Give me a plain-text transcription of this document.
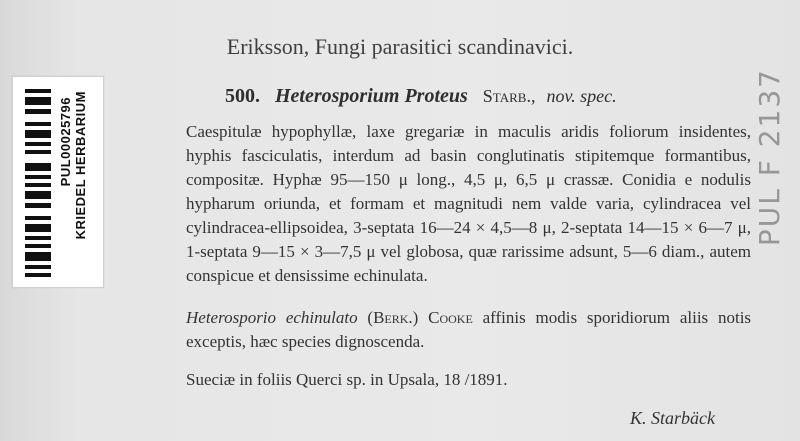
KRIEDEL HERBARIUM
PUL00025796	PUL F 2137
Eriksson, Fungi parasitici scandinavici.
500. Heterosporium Proteus Starb., nov. spec.
Caespitulæ hypophyllæ, laxe gregariæ in maculis aridis foliorum insidentes, hyphis fasciculatis, interdum ad basin conglutinatis stipitemque formantibus, compositæ. Hyphæ 95—150 μ long., 4,5 μ, 6,5 μ crassæ. Conidia e nodulis hypharum oriunda, et formam et magnitudi nem valde varia, cylindracea vel cylindracea-ellipsoidea, 3-septata 16—24 × 4,5—8 μ, 2-septata 14—15 × 6—7 μ, 1-septata 9—15 × 3—7,5 μ vel globosa, quæ rarissime adsunt, 5—6 diam., autem conspicue et densissime echinulata.
Heterosporio echinulato (Berk.) Cooke affinis modis sporidiorum aliis notis exceptis, hæc species dignoscenda.
Sueciæ in foliis Querci sp. in Upsala, 18 /1891.
K. Starbäck
